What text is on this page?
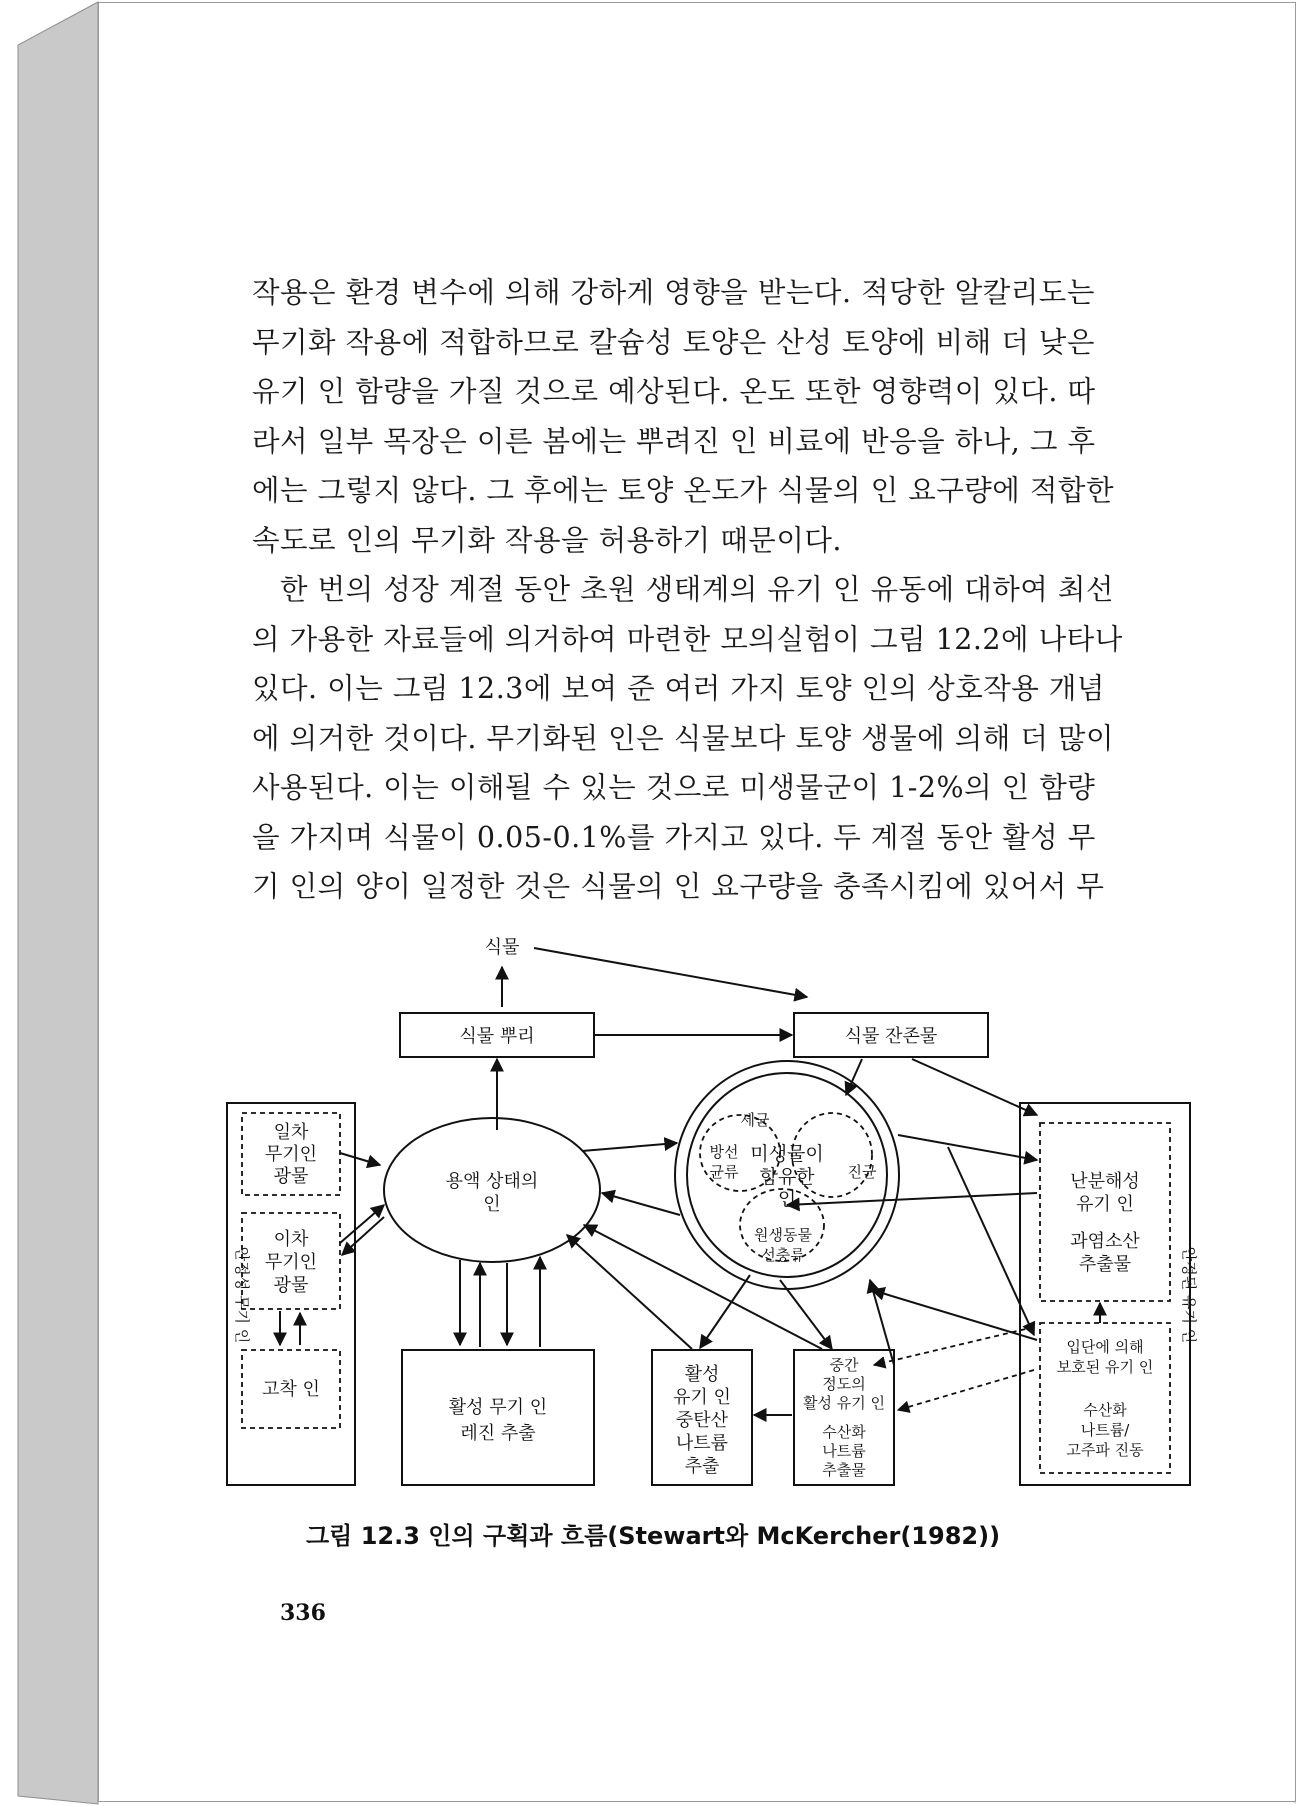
작용은 환경 변수에 의해 강하게 영향을 받는다. 적당한 알칼리도는
무기화 작용에 적합하므로 칼슘성 토양은 산성 토양에 비해 더 낮은
유기 인 함량을 가질 것으로 예상된다. 온도 또한 영향력이 있다. 따
라서 일부 목장은 이른 봄에는 뿌려진 인 비료에 반응을 하나, 그 후
에는 그렇지 않다. 그 후에는 토양 온도가 식물의 인 요구량에 적합한
속도로 인의 무기화 작용을 허용하기 때문이다.

한 번의 성장 계절 동안 초원 생태계의 유기 인 유동에 대하여 최선
의 가용한 자료들에 의거하여 마련한 모의실험이 그림 12.2에 나타나
있다. 이는 그림 12.3에 보여 준 여러 가지 토양 인의 상호작용 개념
에 의거한 것이다. 무기화된 인은 식물보다 토양 생물에 의해 더 많이
사용된다. 이는 이해될 수 있는 것으로 미생물군이 1-2%의 인 함량
을 가지며 식물이 0.05-0.1%를 가지고 있다. 두 계절 동안 활성 무
기 인의 양이 일정한 것은 식물의 인 요구량을 충족시킴에 있어서 무

식물
식물 뿌리	식물 잔존물
일차
무기인
광물
이차
무기인
광물
고착 인
용액 상태의
인
활성 무기 인
레진 추출
활성
유기 인
중탄산
나트륨
추출
난분해성
유기 인
과염소산
추출물
세균
방선
균류	진균
원생동물
선충류
중간
정도의
활성 유기 인
수산화
나트륨
추출물
입단에 의해
보호된 유기 인
수산화
나트륨/
고주파 진동
미생물이
함유한
인
안정성 무기 인	안정된 유기 인
그림 12.3 인의 구획과 흐름(Stewart와 McKercher(1982))
336
